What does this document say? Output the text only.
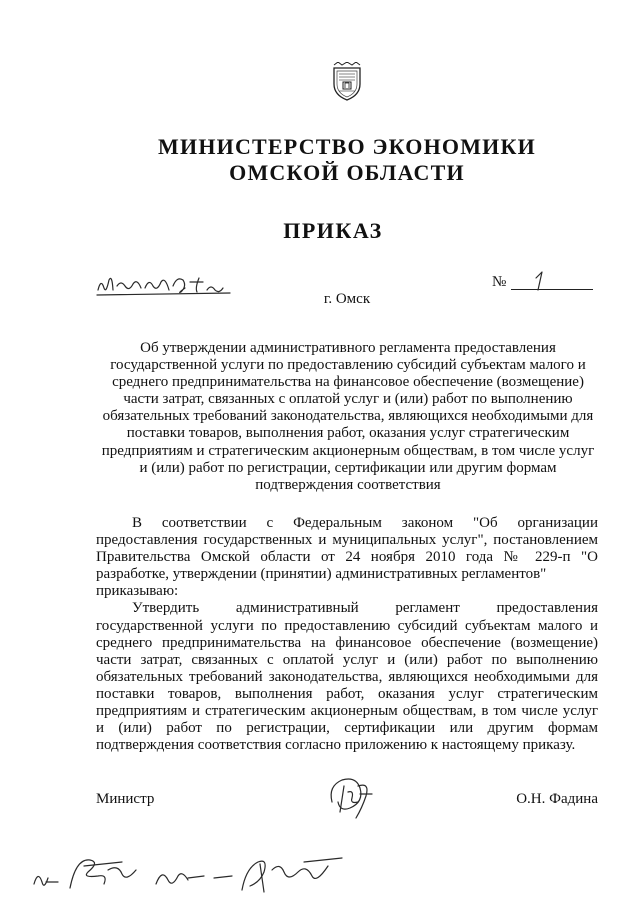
МИНИСТЕРСТВО ЭКОНОМИКИ
ОМСКОЙ ОБЛАСТИ
ПРИКАЗ
№
г. Омск
Об утверждении административного регламента предоставления государственной услуги по предоставлению субсидий субъектам малого и среднего предпринимательства на финансовое обеспечение (возмещение) части затрат, связанных с оплатой услуг и (или) работ по выполнению обязательных требований законодательства, являющихся необходимыми для поставки товаров, выполнения работ, оказания услуг стратегическим предприятиям и стратегическим акционерным обществам, в том числе услуг и (или) работ по регистрации, сертификации или другим формам подтверждения соответствия

В соответствии с Федеральным законом "Об организации предоставления государственных и муниципальных услуг", постановлением Правительства Омской области от 24 ноября 2010 года № 229-п "О разработке, утверждении (принятии) административных регламентов"

приказываю:

Утвердить административный регламент предоставления государственной услуги по предоставлению субсидий субъектам малого и среднего предпринимательства на финансовое обеспечение (возмещение) части затрат, связанных с оплатой услуг и (или) работ по выполнению обязательных требований законодательства, являющихся необходимыми для поставки товаров, выполнения работ, оказания услуг стратегическим предприятиям и стратегическим акционерным обществам, в том числе услуг и (или) работ по регистрации, сертификации или другим формам подтверждения соответствия согласно приложению к настоящему приказу.

Министр	О.Н. Фадина
